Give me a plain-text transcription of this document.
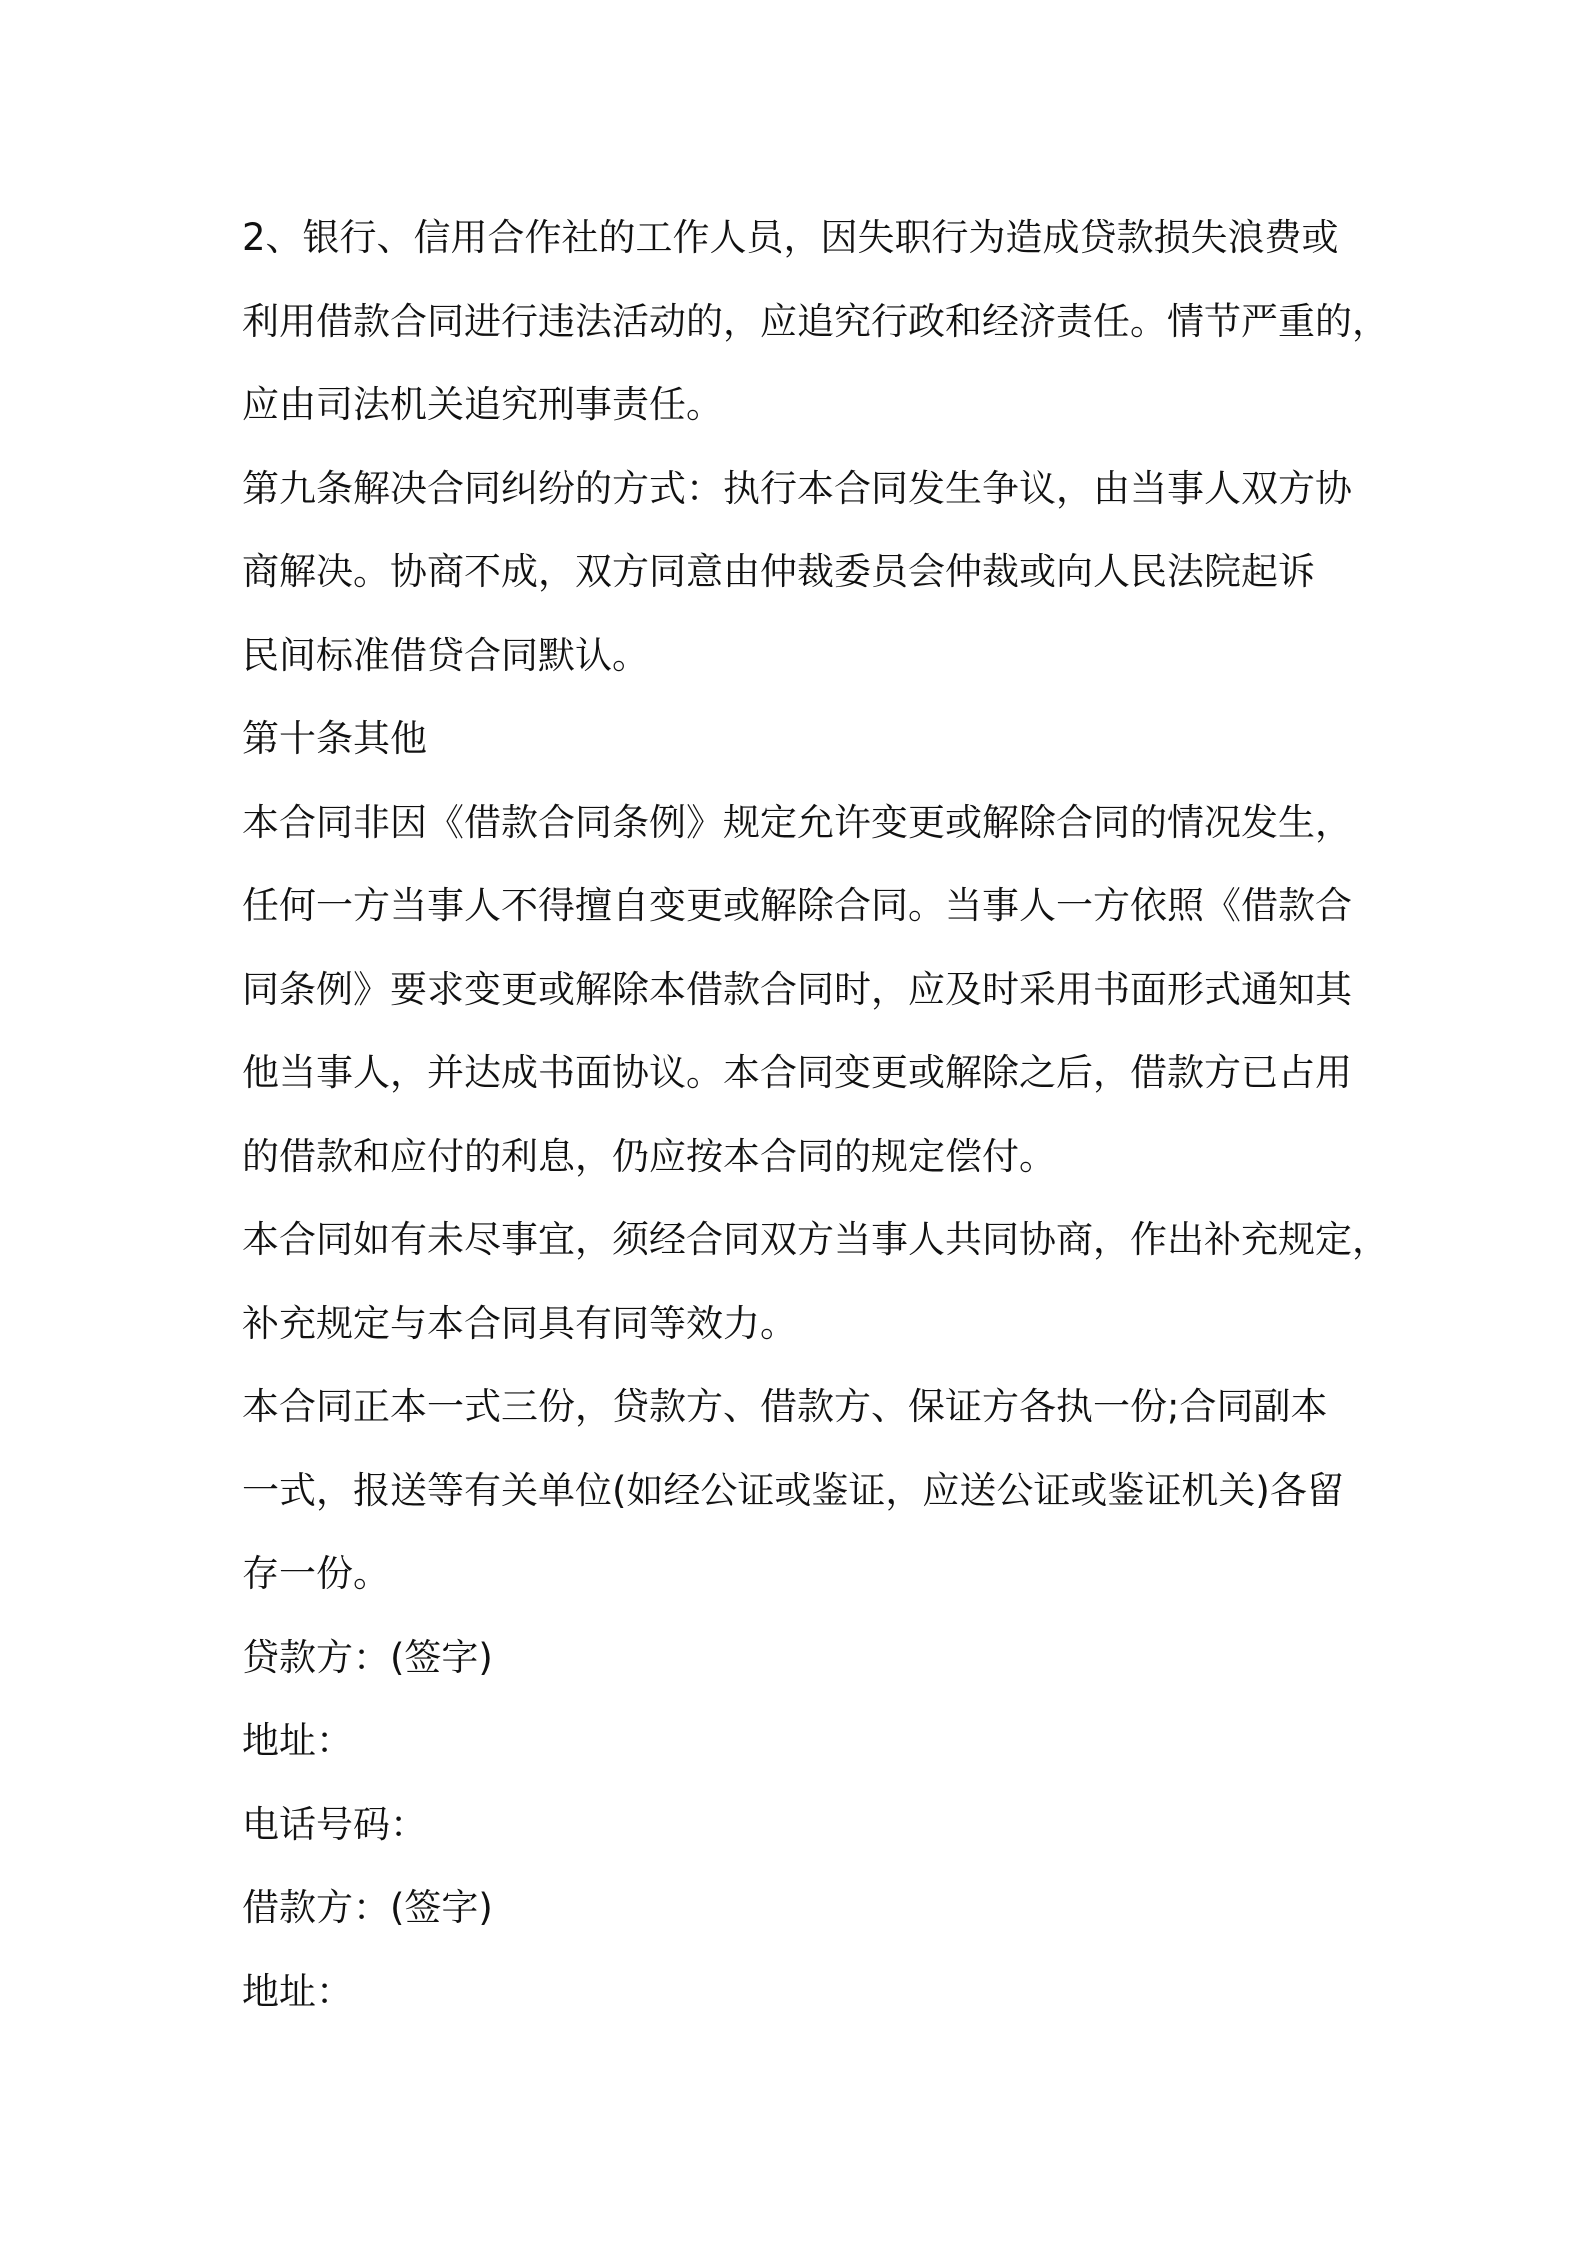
2、银行、信用合作社的工作人员，因失职行为造成贷款损失浪费或
利用借款合同进行违法活动的，应追究行政和经济责任。情节严重的，
应由司法机关追究刑事责任。

第九条解决合同纠纷的方式：执行本合同发生争议，由当事人双方协
商解决。协商不成，双方同意由仲裁委员会仲裁或向人民法院起诉
民间标准借贷合同默认。

第十条其他

本合同非因《借款合同条例》规定允许变更或解除合同的情况发生，
任何一方当事人不得擅自变更或解除合同。当事人一方依照《借款合
同条例》要求变更或解除本借款合同时，应及时采用书面形式通知其
他当事人，并达成书面协议。本合同变更或解除之后，借款方已占用
的借款和应付的利息，仍应按本合同的规定偿付。

本合同如有未尽事宜，须经合同双方当事人共同协商，作出补充规定，
补充规定与本合同具有同等效力。

本合同正本一式三份，贷款方、借款方、保证方各执一份;合同副本
一式，报送等有关单位(如经公证或鉴证，应送公证或鉴证机关)各留
存一份。

贷款方：(签字)

地址：

电话号码：

借款方：(签字)

地址：
